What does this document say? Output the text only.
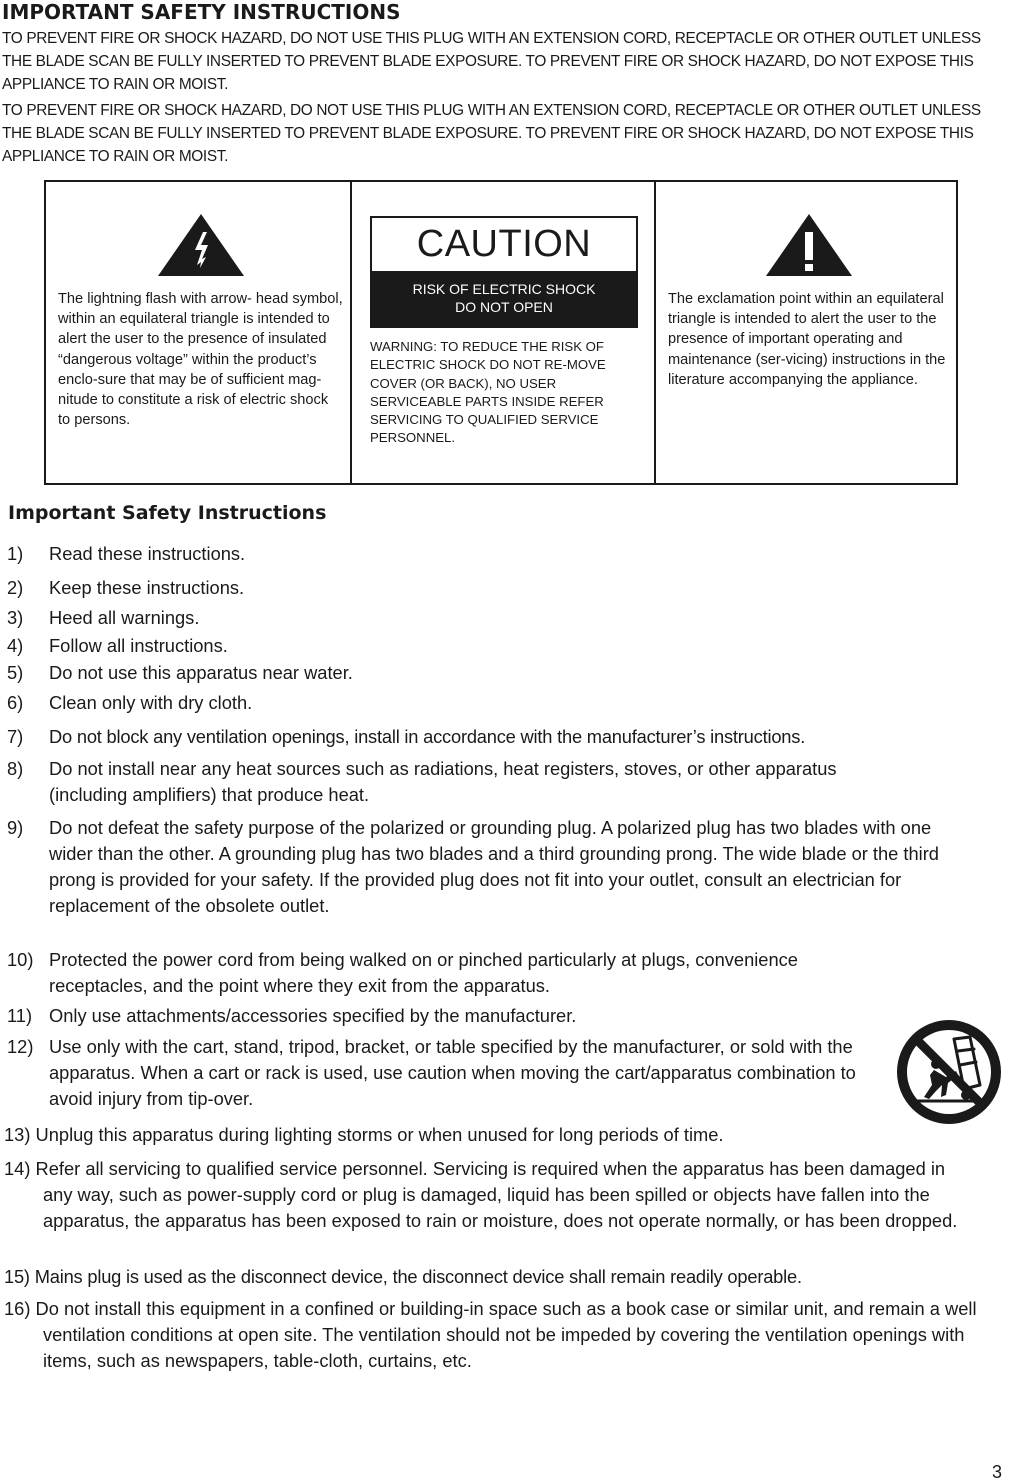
IMPORTANT SAFETY INSTRUCTIONS

TO PREVENT FIRE OR SHOCK HAZARD, DO NOT USE THIS PLUG WITH AN EXTENSION CORD, RECEPTACLE OR OTHER OUTLET UNLESS THE BLADE SCAN BE FULLY INSERTED TO PREVENT BLADE EXPOSURE. TO PREVENT FIRE OR SHOCK HAZARD, DO NOT EXPOSE THIS APPLIANCE TO RAIN OR MOIST.

TO PREVENT FIRE OR SHOCK HAZARD, DO NOT USE THIS PLUG WITH AN EXTENSION CORD, RECEPTACLE OR OTHER OUTLET UNLESS THE BLADE SCAN BE FULLY INSERTED TO PREVENT BLADE EXPOSURE. TO PREVENT FIRE OR SHOCK HAZARD, DO NOT EXPOSE THIS APPLIANCE TO RAIN OR MOIST.

The lightning flash with arrow- head symbol, within an equilateral triangle is intended to alert the user to the presence of insulated “dangerous voltage” within the product’s enclo-sure that may be of sufficient mag-nitude to constitute a risk of electric shock to persons.

CAUTION
RISK OF ELECTRIC SHOCK
DO NOT OPEN

WARNING: TO REDUCE THE RISK OF ELECTRIC SHOCK DO NOT RE-MOVE COVER (OR BACK), NO USER SERVICEABLE PARTS INSIDE REFER SERVICING TO QUALIFIED SERVICE PERSONNEL.

The exclamation point within an equilateral triangle is intended to alert the user to the presence of important operating and maintenance (ser-vicing) instructions in the literature accompanying the appliance.

Important Safety Instructions
1) Read these instructions.
2) Keep these instructions.
3) Heed all warnings.
4) Follow all instructions.
5) Do not use this apparatus near water.
6) Clean only with dry cloth.
7) Do not block any ventilation openings, install in accordance with the manufacturer’s instructions.
8) Do not install near any heat sources such as radiations, heat registers, stoves, or other apparatus (including amplifiers) that produce heat.
9) Do not defeat the safety purpose of the polarized or grounding plug. A polarized plug has two blades with one wider than the other. A grounding plug has two blades and a third grounding prong. The wide blade or the third prong is provided for your safety. If the provided plug does not fit into your outlet, consult an electrician for replacement of the obsolete outlet.
10) Protected the power cord from being walked on or pinched particularly at plugs, convenience receptacles, and the point where they exit from the apparatus.
11) Only use attachments/accessories specified by the manufacturer.
12) Use only with the cart, stand, tripod, bracket, or table specified by the manufacturer, or sold with the apparatus. When a cart or rack is used, use caution when moving the cart/apparatus combination to avoid injury from tip-over.
13) Unplug this apparatus during lighting storms or when unused for long periods of time.
14) Refer all servicing to qualified service personnel. Servicing is required when the apparatus has been damaged in any way, such as power-supply cord or plug is damaged, liquid has been spilled or objects have fallen into the apparatus, the apparatus has been exposed to rain or moisture, does not operate normally, or has been dropped.
15) Mains plug is used as the disconnect device, the disconnect device shall remain readily operable.
16) Do not install this equipment in a confined or building-in space such as a book case or similar unit, and remain a well ventilation conditions at open site. The ventilation should not be impeded by covering the ventilation openings with items, such as newspapers, table-cloth, curtains, etc.
3
